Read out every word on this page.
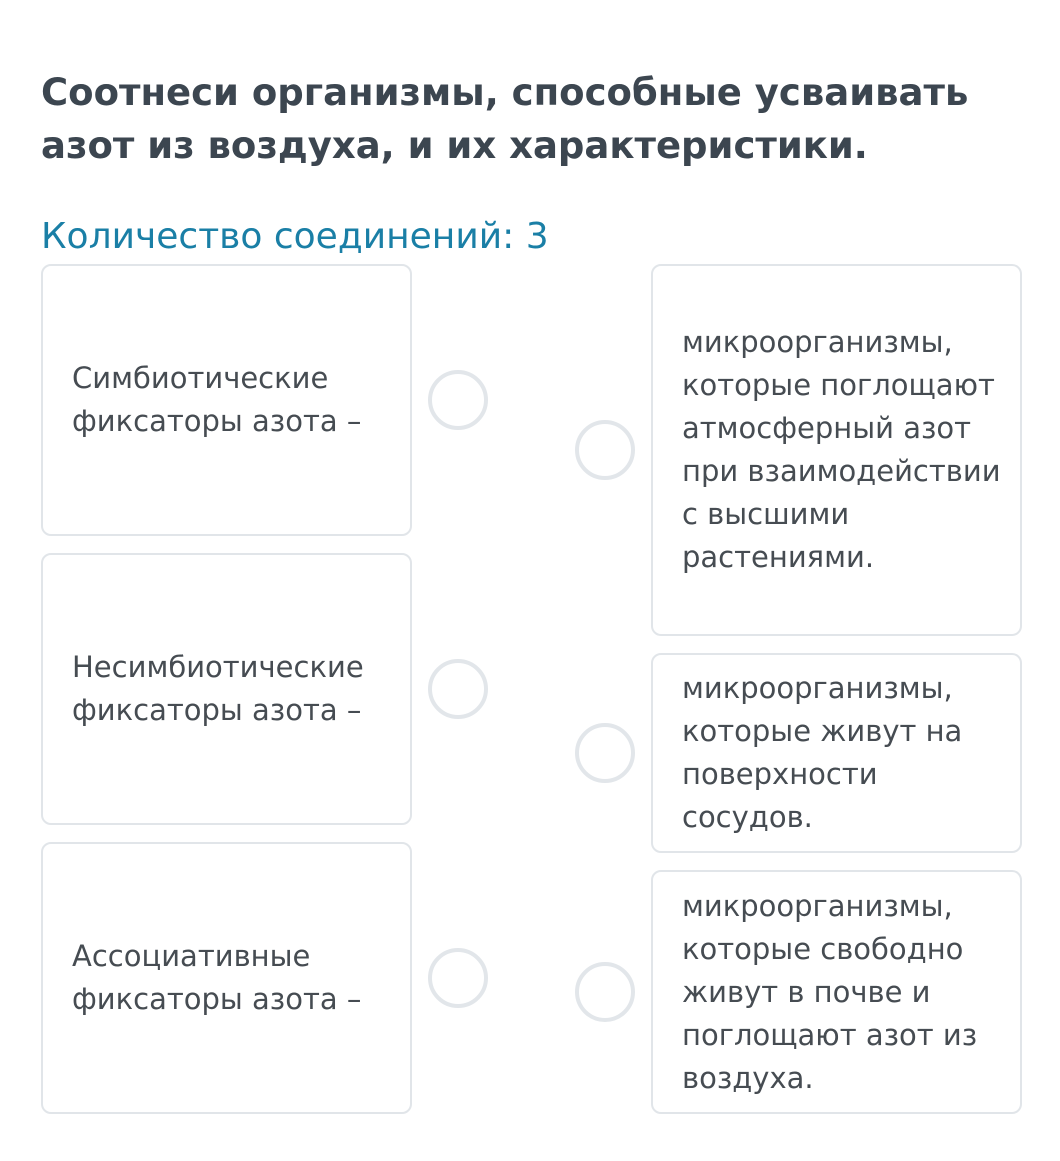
Соотнеси организмы, способные усваивать азот из воздуха, и их характеристики.

Количество соединений: 3

Симбиотические фиксаторы азота –
Несимбиотические фиксаторы азота –
Ассоциативные фиксаторы азота –
микроорганизмы, которые поглощают атмосферный азот при взаимодействии с высшими растениями.
микроорганизмы, которые живут на поверхности сосудов.
микроорганизмы, которые свободно живут в почве и поглощают азот из воздуха.
